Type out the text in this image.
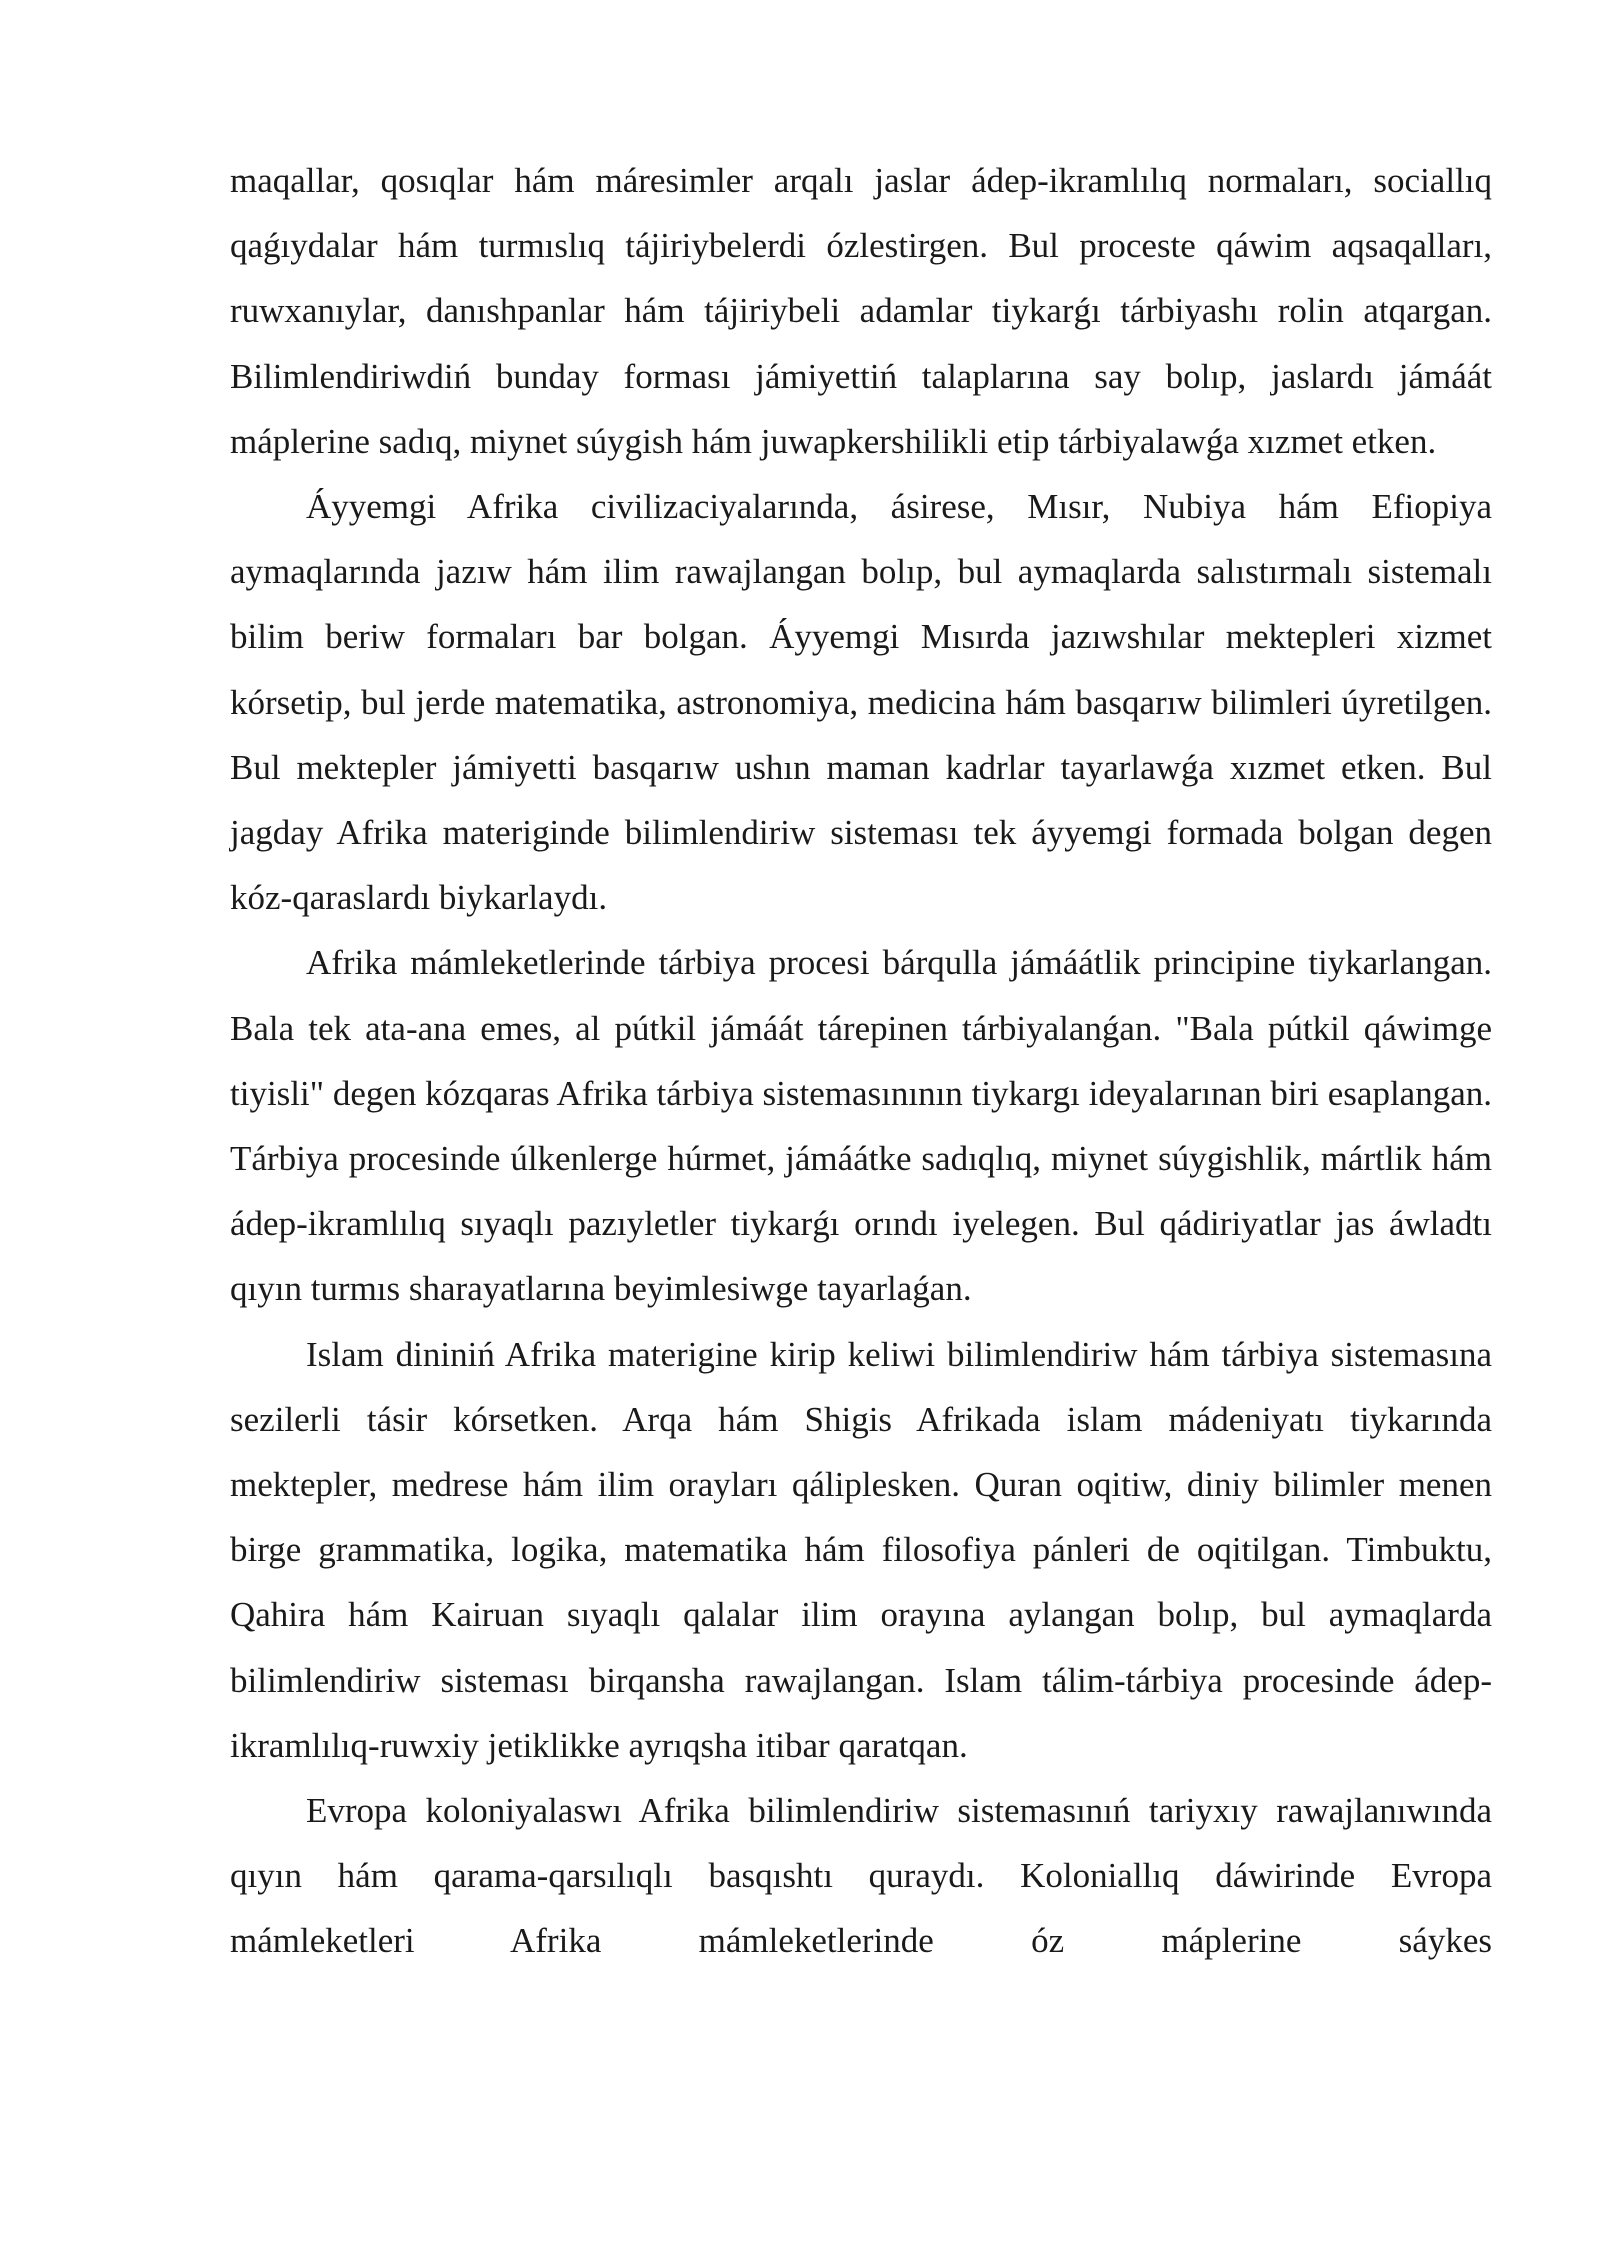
maqallar, qosıqlar hám máresimler arqalı jaslar ádep-ikramlılıq normaları, sociallıq qaǵıydalar hám turmıslıq tájiriybelerdi ózlestirgen. Bul proceste qáwim aqsaqalları, ruwxanıylar, danıshpanlar hám tájiriybeli adamlar tiykarǵı tárbiyashı rolin atqargan. Bilimlendiriwdiń bunday forması jámiyettiń talaplarına say bolıp, jaslardı jámáát máplerine sadıq, miynet súygish hám juwapkershilikli etip tárbiyalawǵa xızmet etken.

Áyyemgi Afrika civilizaciyalarında, ásirese, Mısır, Nubiya hám Efiopiya aymaqlarında jazıw hám ilim rawajlangan bolıp, bul aymaqlarda salıstırmalı sistemalı bilim beriw formaları bar bolgan. Áyyemgi Mısırda jazıwshılar mektepleri xizmet kórsetip, bul jerde matematika, astronomiya, medicina hám basqarıw bilimleri úyretilgen. Bul mektepler jámiyetti basqarıw ushın maman kadrlar tayarlawǵa xızmet etken. Bul jagday Afrika materiginde bilimlendiriw sisteması tek áyyemgi formada bolgan degen kóz-qaraslardı biykarlaydı.

Afrika mámleketlerinde tárbiya procesi bárqulla jámáátlik principine tiykarlangan. Bala tek ata-ana emes, al pútkil jámáát tárepinen tárbiyalanǵan. "Bala pútkil qáwimge tiyisli" degen kózqaras Afrika tárbiya sistemasınının tiykargı ideyalarınan biri esaplangan. Tárbiya procesinde úlkenlerge húrmet, jámáátke sadıqlıq, miynet súygishlik, mártlik hám ádep-ikramlılıq sıyaqlı pazıyletler tiykarǵı orındı iyelegen. Bul qádiriyatlar jas áwladtı qıyın turmıs sharayatlarına beyimlesiwge tayarlaǵan.

Islam dininiń Afrika materigine kirip keliwi bilimlendiriw hám tárbiya sistemasına sezilerli tásir kórsetken. Arqa hám Shigis Afrikada islam mádeniyatı tiykarında mektepler, medrese hám ilim orayları qáliplesken. Quran oqitiw, diniy bilimler menen birge grammatika, logika, matematika hám filosofiya pánleri de oqitilgan. Timbuktu, Qahira hám Kairuan sıyaqlı qalalar ilim orayına aylangan bolıp, bul aymaqlarda bilimlendiriw sisteması birqansha rawajlangan. Islam tálim-tárbiya procesinde ádep-ikramlılıq-ruwxiy jetiklikke ayrıqsha itibar qaratqan.

Evropa koloniyalaswı Afrika bilimlendiriw sistemasınıń tariyxıy rawajlanıwında qıyın hám qarama-qarsılıqlı basqıshtı quraydı. Koloniallıq dáwirinde Evropa mámleketleri Afrika mámleketlerinde óz máplerine sáykes
